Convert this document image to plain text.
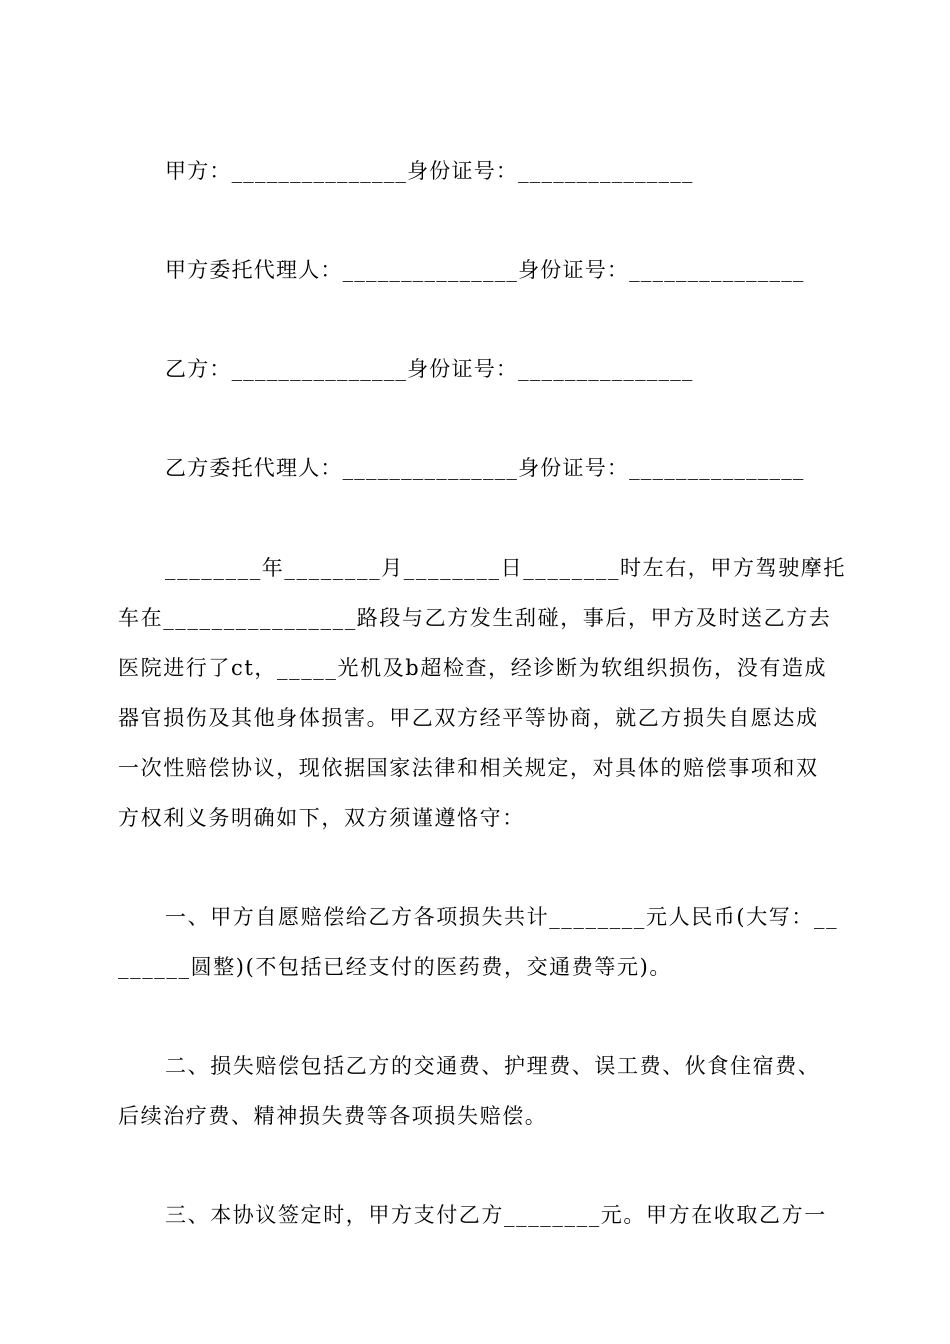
甲方：_______________身份证号：_______________
甲方委托代理人：_______________身份证号：_______________
乙方：_______________身份证号：_______________
乙方委托代理人：_______________身份证号：_______________
________年________月________日________时左右，甲方驾驶摩托
车在________________路段与乙方发生刮碰，事后，甲方及时送乙方去
医院进行了ct，_____光机及b超检查，经诊断为软组织损伤，没有造成
器官损伤及其他身体损害。甲乙双方经平等协商，就乙方损失自愿达成
一次性赔偿协议，现依据国家法律和相关规定，对具体的赔偿事项和双
方权利义务明确如下，双方须谨遵恪守：
一、甲方自愿赔偿给乙方各项损失共计________元人民币(大写：__
______圆整)(不包括已经支付的医药费，交通费等元)。
二、损失赔偿包括乙方的交通费、护理费、误工费、伙食住宿费、
后续治疗费、精神损失费等各项损失赔偿。
三、本协议签定时，甲方支付乙方________元。甲方在收取乙方一
